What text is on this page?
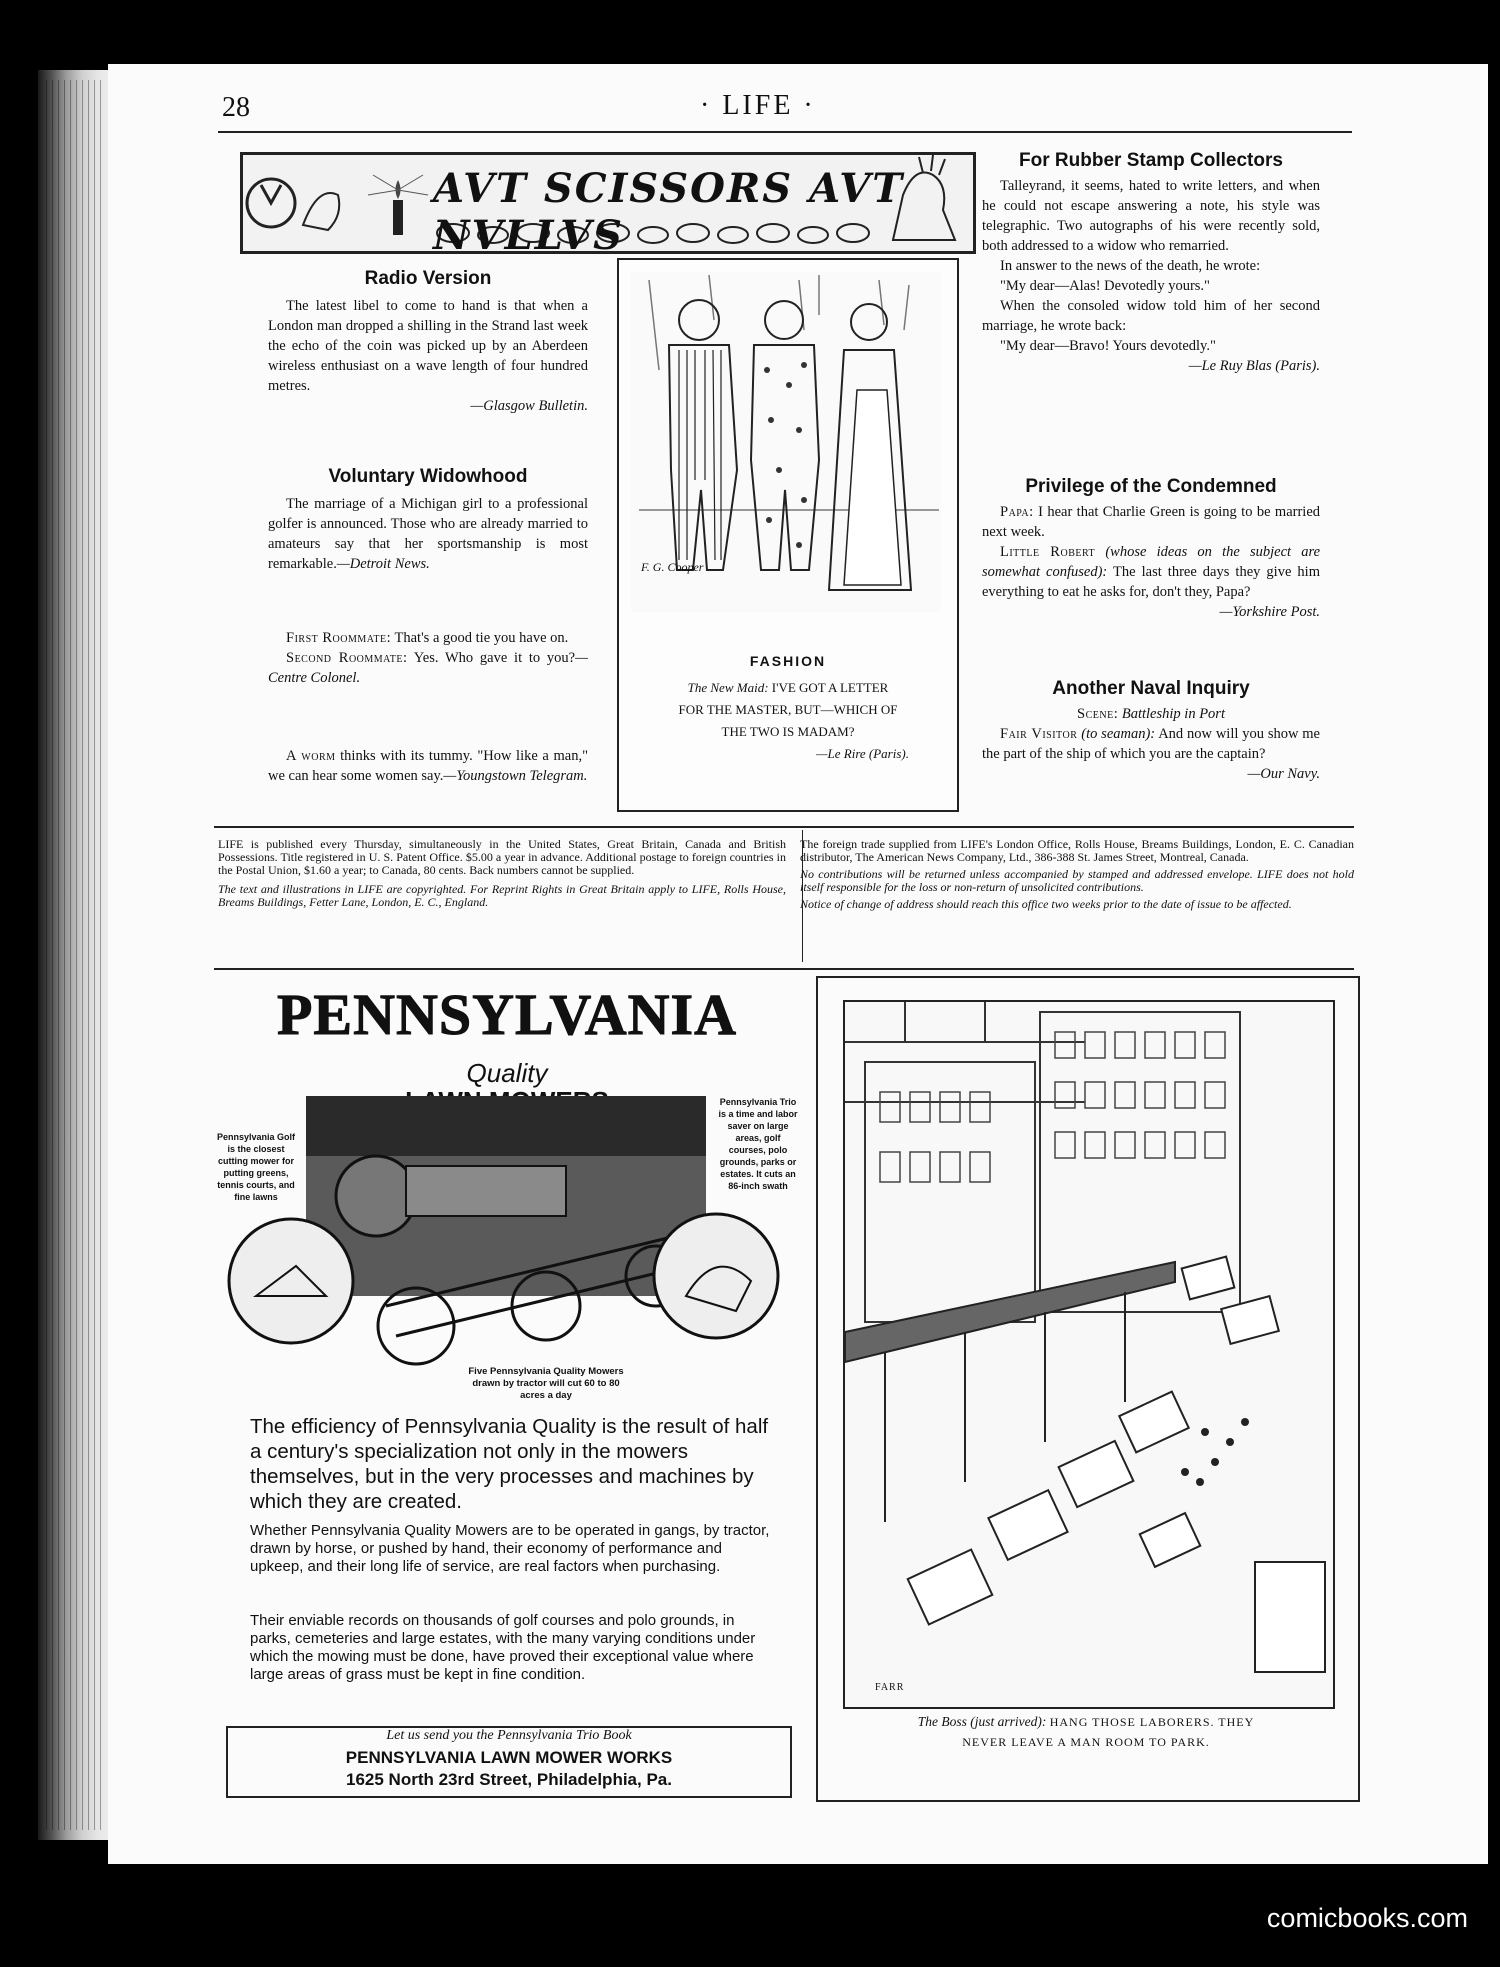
28	· LIFE ·
AVT SCISSORS AVT NVLLVS
Radio Version
The latest libel to come to hand is that when a London man dropped a shilling in the Strand last week the echo of the coin was picked up by an Aberdeen wireless enthusiast on a wave length of four hundred metres.
—Glasgow Bulletin.
Voluntary Widowhood
The marriage of a Michigan girl to a professional golfer is announced. Those who are already married to amateurs say that her sportsmanship is most remarkable.—Detroit News.
First Roommate: That's a good tie you have on.
Second Roommate: Yes. Who gave it to you?—Centre Colonel.
A worm thinks with its tummy. "How like a man," we can hear some women say.—Youngstown Telegram.
F. G. Cooper
FASHION
The New Maid: I'VE GOT A LETTER
FOR THE MASTER, BUT—WHICH OF
THE TWO IS MADAM?
—Le Rire (Paris).
For Rubber Stamp Collectors
Talleyrand, it seems, hated to write letters, and when he could not escape answering a note, his style was telegraphic. Two autographs of his were recently sold, both addressed to a widow who remarried.
In answer to the news of the death, he wrote:
"My dear—Alas! Devotedly yours."
When the consoled widow told him of her second marriage, he wrote back:
"My dear—Bravo! Yours devotedly."
—Le Ruy Blas (Paris).
Privilege of the Condemned
Papa: I hear that Charlie Green is going to be married next week.
Little Robert (whose ideas on the subject are somewhat confused): The last three days they give him everything to eat he asks for, don't they, Papa?
—Yorkshire Post.
Another Naval Inquiry
Scene: Battleship in Port
Fair Visitor (to seaman): And now will you show me the part of the ship of which you are the captain?
—Our Navy.
LIFE is published every Thursday, simultaneously in the United States, Great Britain, Canada and British Possessions. Title registered in U. S. Patent Office. $5.00 a year in advance. Additional postage to foreign countries in the Postal Union, $1.60 a year; to Canada, 80 cents. Back numbers cannot be supplied.
The text and illustrations in LIFE are copyrighted. For Reprint Rights in Great Britain apply to LIFE, Rolls House, Breams Buildings, Fetter Lane, London, E. C., England.
The foreign trade supplied from LIFE's London Office, Rolls House, Breams Buildings, London, E. C. Canadian distributor, The American News Company, Ltd., 386-388 St. James Street, Montreal, Canada.
No contributions will be returned unless accompanied by stamped and addressed envelope. LIFE does not hold itself responsible for the loss or non-return of unsolicited contributions.
Notice of change of address should reach this office two weeks prior to the date of issue to be affected.
PENNSYLVANIA
Quality
Pennsylvania Golf is the closest cutting mower for putting greens, tennis courts, and fine lawns
Pennsylvania Trio is a time and labor saver on large areas, golf courses, polo grounds, parks or estates. It cuts an 86-inch swath
Five Pennsylvania Quality Mowers drawn by tractor will cut 60 to 80 acres a day
The efficiency of Pennsylvania Quality is the result of half a century's specialization not only in the mowers themselves, but in the very processes and machines by which they are created.
Whether Pennsylvania Quality Mowers are to be operated in gangs, by tractor, drawn by horse, or pushed by hand, their economy of performance and upkeep, and their long life of service, are real factors when purchasing.
Their enviable records on thousands of golf courses and polo grounds, in parks, cemeteries and large estates, with the many varying conditions under which the mowing must be done, have proved their exceptional value where large areas of grass must be kept in fine condition.
Let us send you the Pennsylvania Trio Book
PENNSYLVANIA LAWN MOWER WORKS
1625 North 23rd Street, Philadelphia, Pa.
FARR
The Boss (just arrived): HANG THOSE LABORERS. THEY
NEVER LEAVE A MAN ROOM TO PARK.
comicbooks.com
